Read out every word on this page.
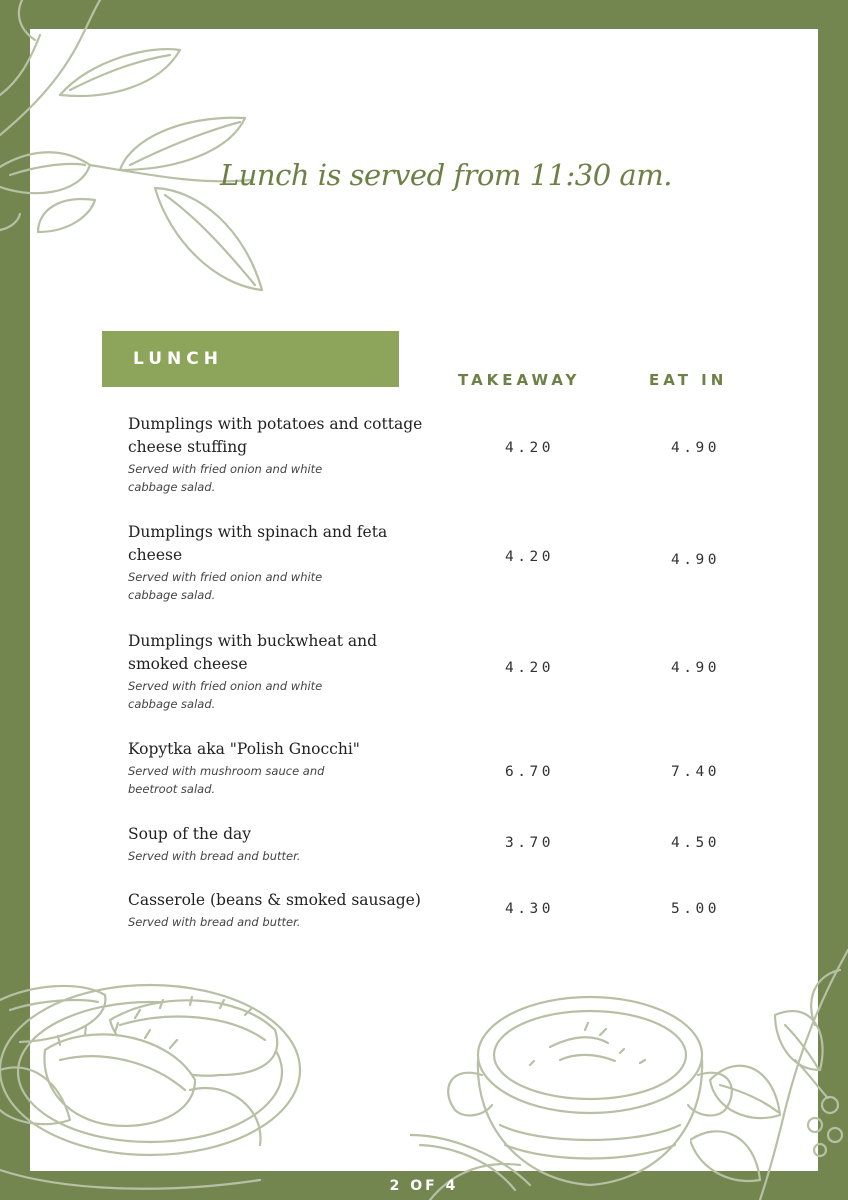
Lunch is served from 11:30 am.
LUNCH
TAKEAWAY	EAT IN
Dumplings with potatoes and cottage cheese stuffing
Served with fried onion and white cabbage salad.
4.20	4.90
Dumplings with spinach and feta cheese
Served with fried onion and white cabbage salad.
4.20	4.90
Dumplings with buckwheat and smoked cheese
Served with fried onion and white cabbage salad.
4.20	4.90
Kopytka aka "Polish Gnocchi"
Served with mushroom sauce and beetroot salad.
6.70	7.40
Soup of the day
Served with bread and butter.
3.70	4.50
Casserole (beans & smoked sausage)
Served with bread and butter.
4.30	5.00
2 OF 4
